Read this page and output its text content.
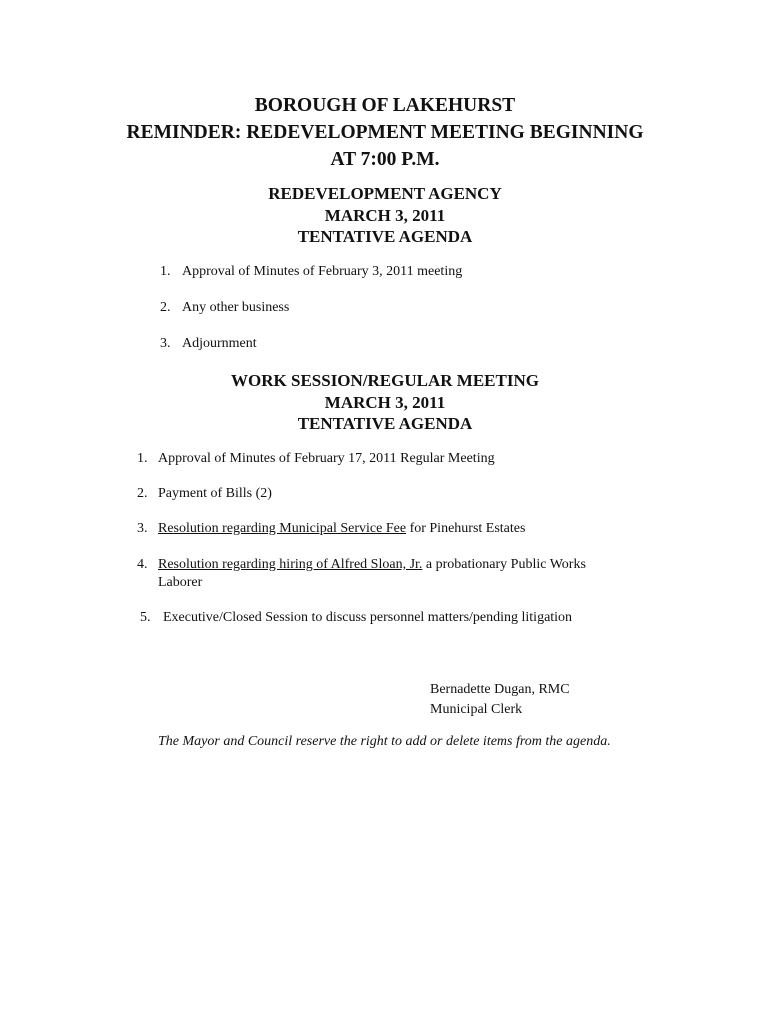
BOROUGH OF LAKEHURST
REMINDER: REDEVELOPMENT MEETING BEGINNING
AT 7:00 P.M.
REDEVELOPMENT AGENCY
MARCH 3, 2011
TENTATIVE AGENDA
1. Approval of Minutes of February 3, 2011 meeting
2. Any other business
3. Adjournment
WORK SESSION/REGULAR MEETING
MARCH 3, 2011
TENTATIVE AGENDA
1. Approval of Minutes of February 17, 2011 Regular Meeting
2. Payment of Bills (2)
3. Resolution regarding Municipal Service Fee for Pinehurst Estates
4. Resolution regarding hiring of Alfred Sloan, Jr. a probationary Public Works
Laborer
5. Executive/Closed Session to discuss personnel matters/pending litigation
Bernadette Dugan, RMC
Municipal Clerk
The Mayor and Council reserve the right to add or delete items from the agenda.
